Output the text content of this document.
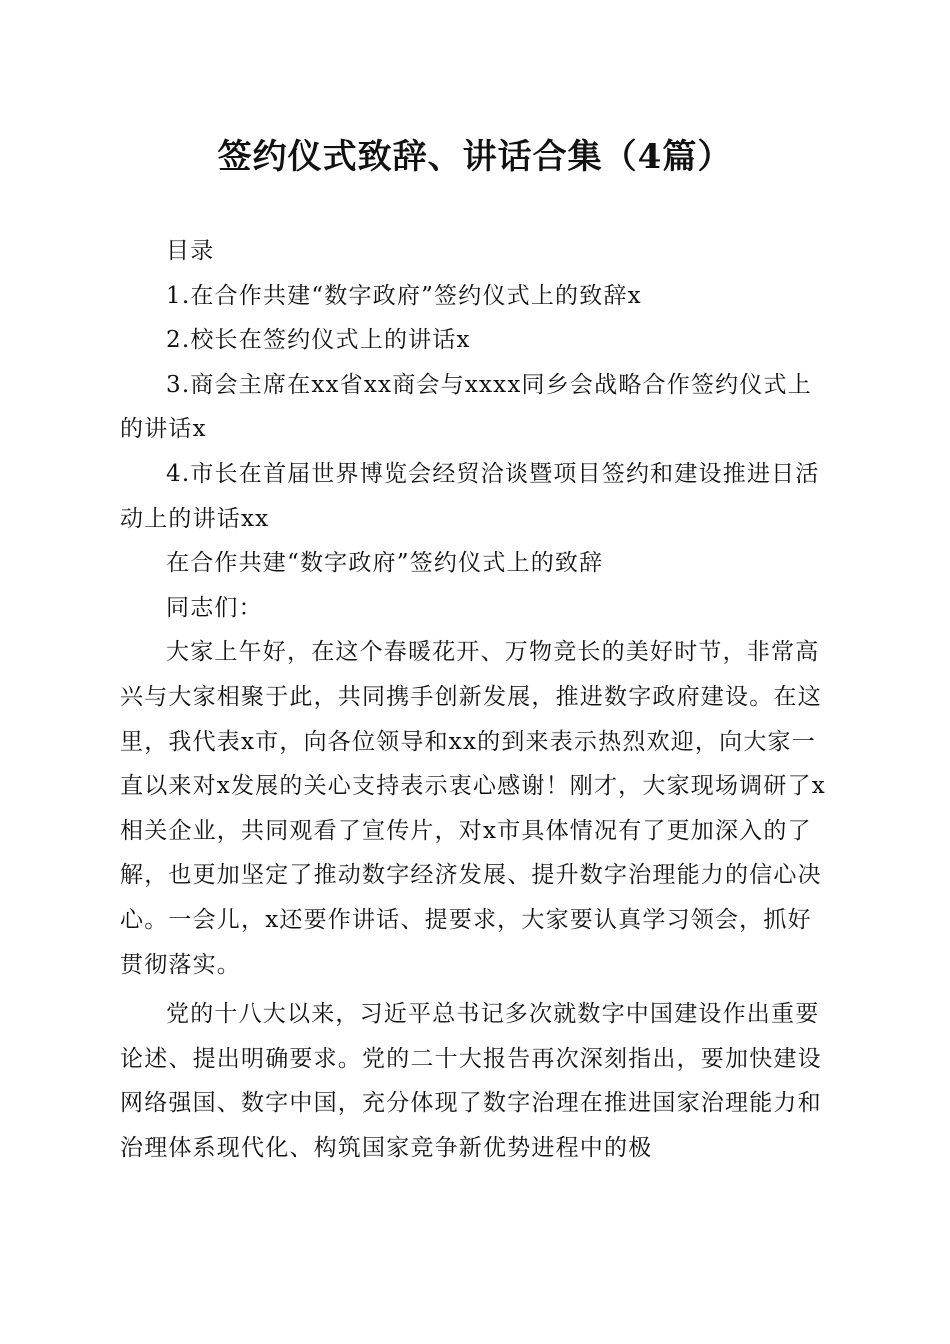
签约仪式致辞、讲话合集（4篇）

目录

1.在合作共建“数字政府”签约仪式上的致辞x

2.校长在签约仪式上的讲话x

3.商会主席在xx省xx商会与xxxx同乡会战略合作签约仪式上的讲话x

4.市长在首届世界博览会经贸洽谈暨项目签约和建设推进日活动上的讲话xx

在合作共建“数字政府”签约仪式上的致辞

同志们：

大家上午好，在这个春暖花开、万物竞长的美好时节，非常高兴与大家相聚于此，共同携手创新发展，推进数字政府建设。在这里，我代表x市，向各位领导和xx的到来表示热烈欢迎，向大家一直以来对x发展的关心支持表示衷心感谢！刚才，大家现场调研了x相关企业，共同观看了宣传片，对x市具体情况有了更加深入的了解，也更加坚定了推动数字经济发展、提升数字治理能力的信心决心。一会儿，x还要作讲话、提要求，大家要认真学习领会，抓好贯彻落实。

党的十八大以来，习近平总书记多次就数字中国建设作出重要论述、提出明确要求。党的二十大报告再次深刻指出，要加快建设网络强国、数字中国，充分体现了数字治理在推进国家治理能力和治理体系现代化、构筑国家竞争新优势进程中的极
